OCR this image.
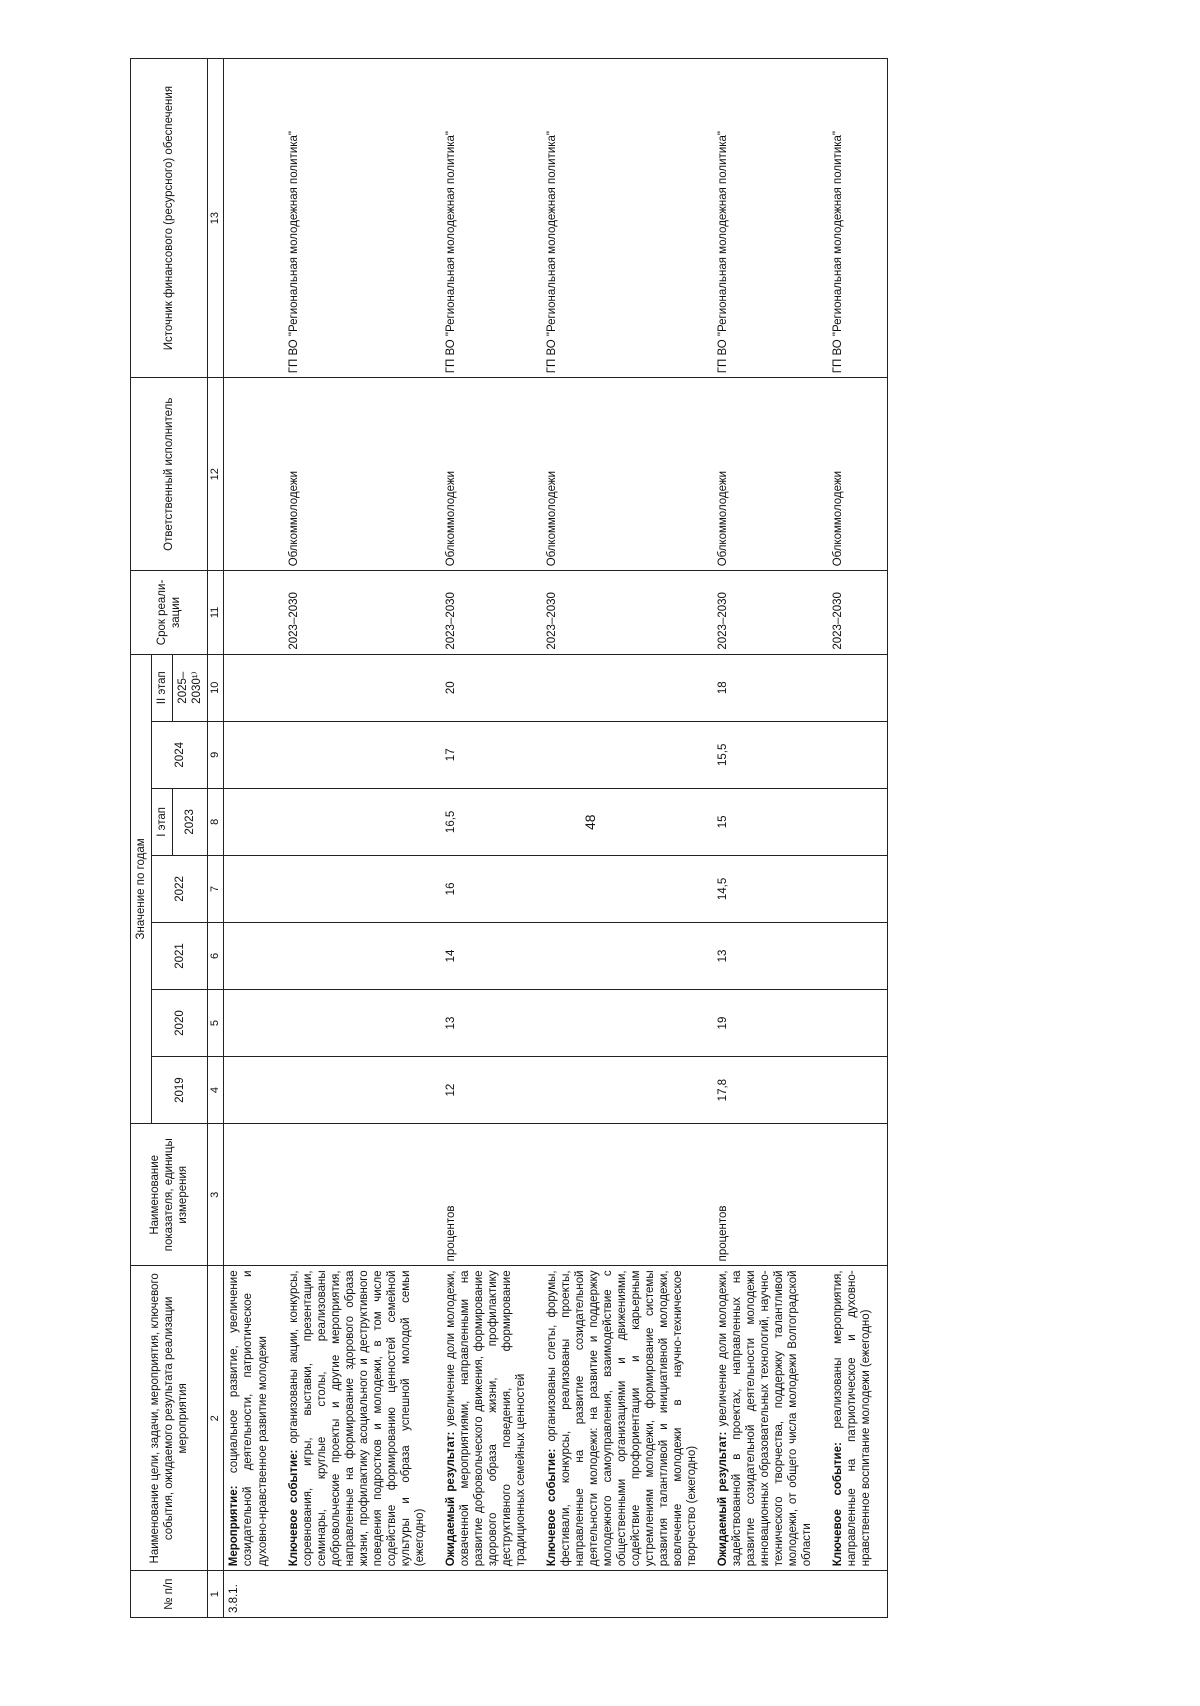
48
№ п/п	Наименование цели, задачи, мероприятия, ключевого события, ожидаемого результата реализации мероприятия	Наименование показателя, единицы измерения	Значение по годам							Срок реали-зации	Ответственный исполнитель	Источник финансового (ресурсного) обеспечения
			2019	2020	2021	2022	I этап	2024	II этап			
							2023		2025–2030¹⁾			
1	2	3	4	5	6	7	8	9	10	11	12	13
3.8.1.	Мероприятие: социальное развитие, увеличение созидательной деятельности, патриотическое и духовно-нравственное развитие молодежи											
	Ключевое событие: организованы акции, конкурсы, соревнования, игры, выставки, презентации, семинары, круглые столы, реализованы добровольческие проекты и другие мероприятия, направленные на формирование здорового образа жизни, профилактику асоциального и деструктивного поведения подростков и молодежи, в том числе содействие формированию ценностей семейной культуры и образа успешной молодой семьи (ежегодно)									2023–2030	Облкоммолодежи	ГП ВО "Региональная молодежная политика"
	Ожидаемый результат: увеличение доли молодежи, охваченной мероприятиями, направленными на развитие добровольческого движения, формирование здорового образа жизни, профилактику деструктивного поведения, формирование традиционных семейных ценностей	процентов	12	13	14	16	16,5	17	20	2023–2030	Облкоммолодежи	ГП ВО "Региональная молодежная политика"
	Ключевое событие: организованы слеты, форумы, фестивали, конкурсы, реализованы проекты, направленные на развитие созидательной деятельности молодежи: на развитие и поддержку молодежного самоуправления, взаимодействие с общественными организациями и движениями, содействие профориентации и карьерным устремлениям молодежи, формирование системы развития талантливой и инициативной молодежи, вовлечение молодежи в научно-техническое творчество (ежегодно)									2023–2030	Облкоммолодежи	ГП ВО "Региональная молодежная политика"
	Ожидаемый результат: увеличение доли молодежи, задействованной в проектах, направленных на развитие созидательной деятельности молодежи инновационных образовательных технологий, научно-технического творчества, поддержку талантливой молодежи, от общего числа молодежи Волгоградской области	процентов	17,8	19	13	14,5	15	15,5	18	2023–2030	Облкоммолодежи	ГП ВО "Региональная молодежная политика"
	Ключевое событие: реализованы мероприятия, направленные на патриотическое и духовно-нравственное воспитание молодежи (ежегодно)									2023–2030	Облкоммолодежи	ГП ВО "Региональная молодежная политика"
